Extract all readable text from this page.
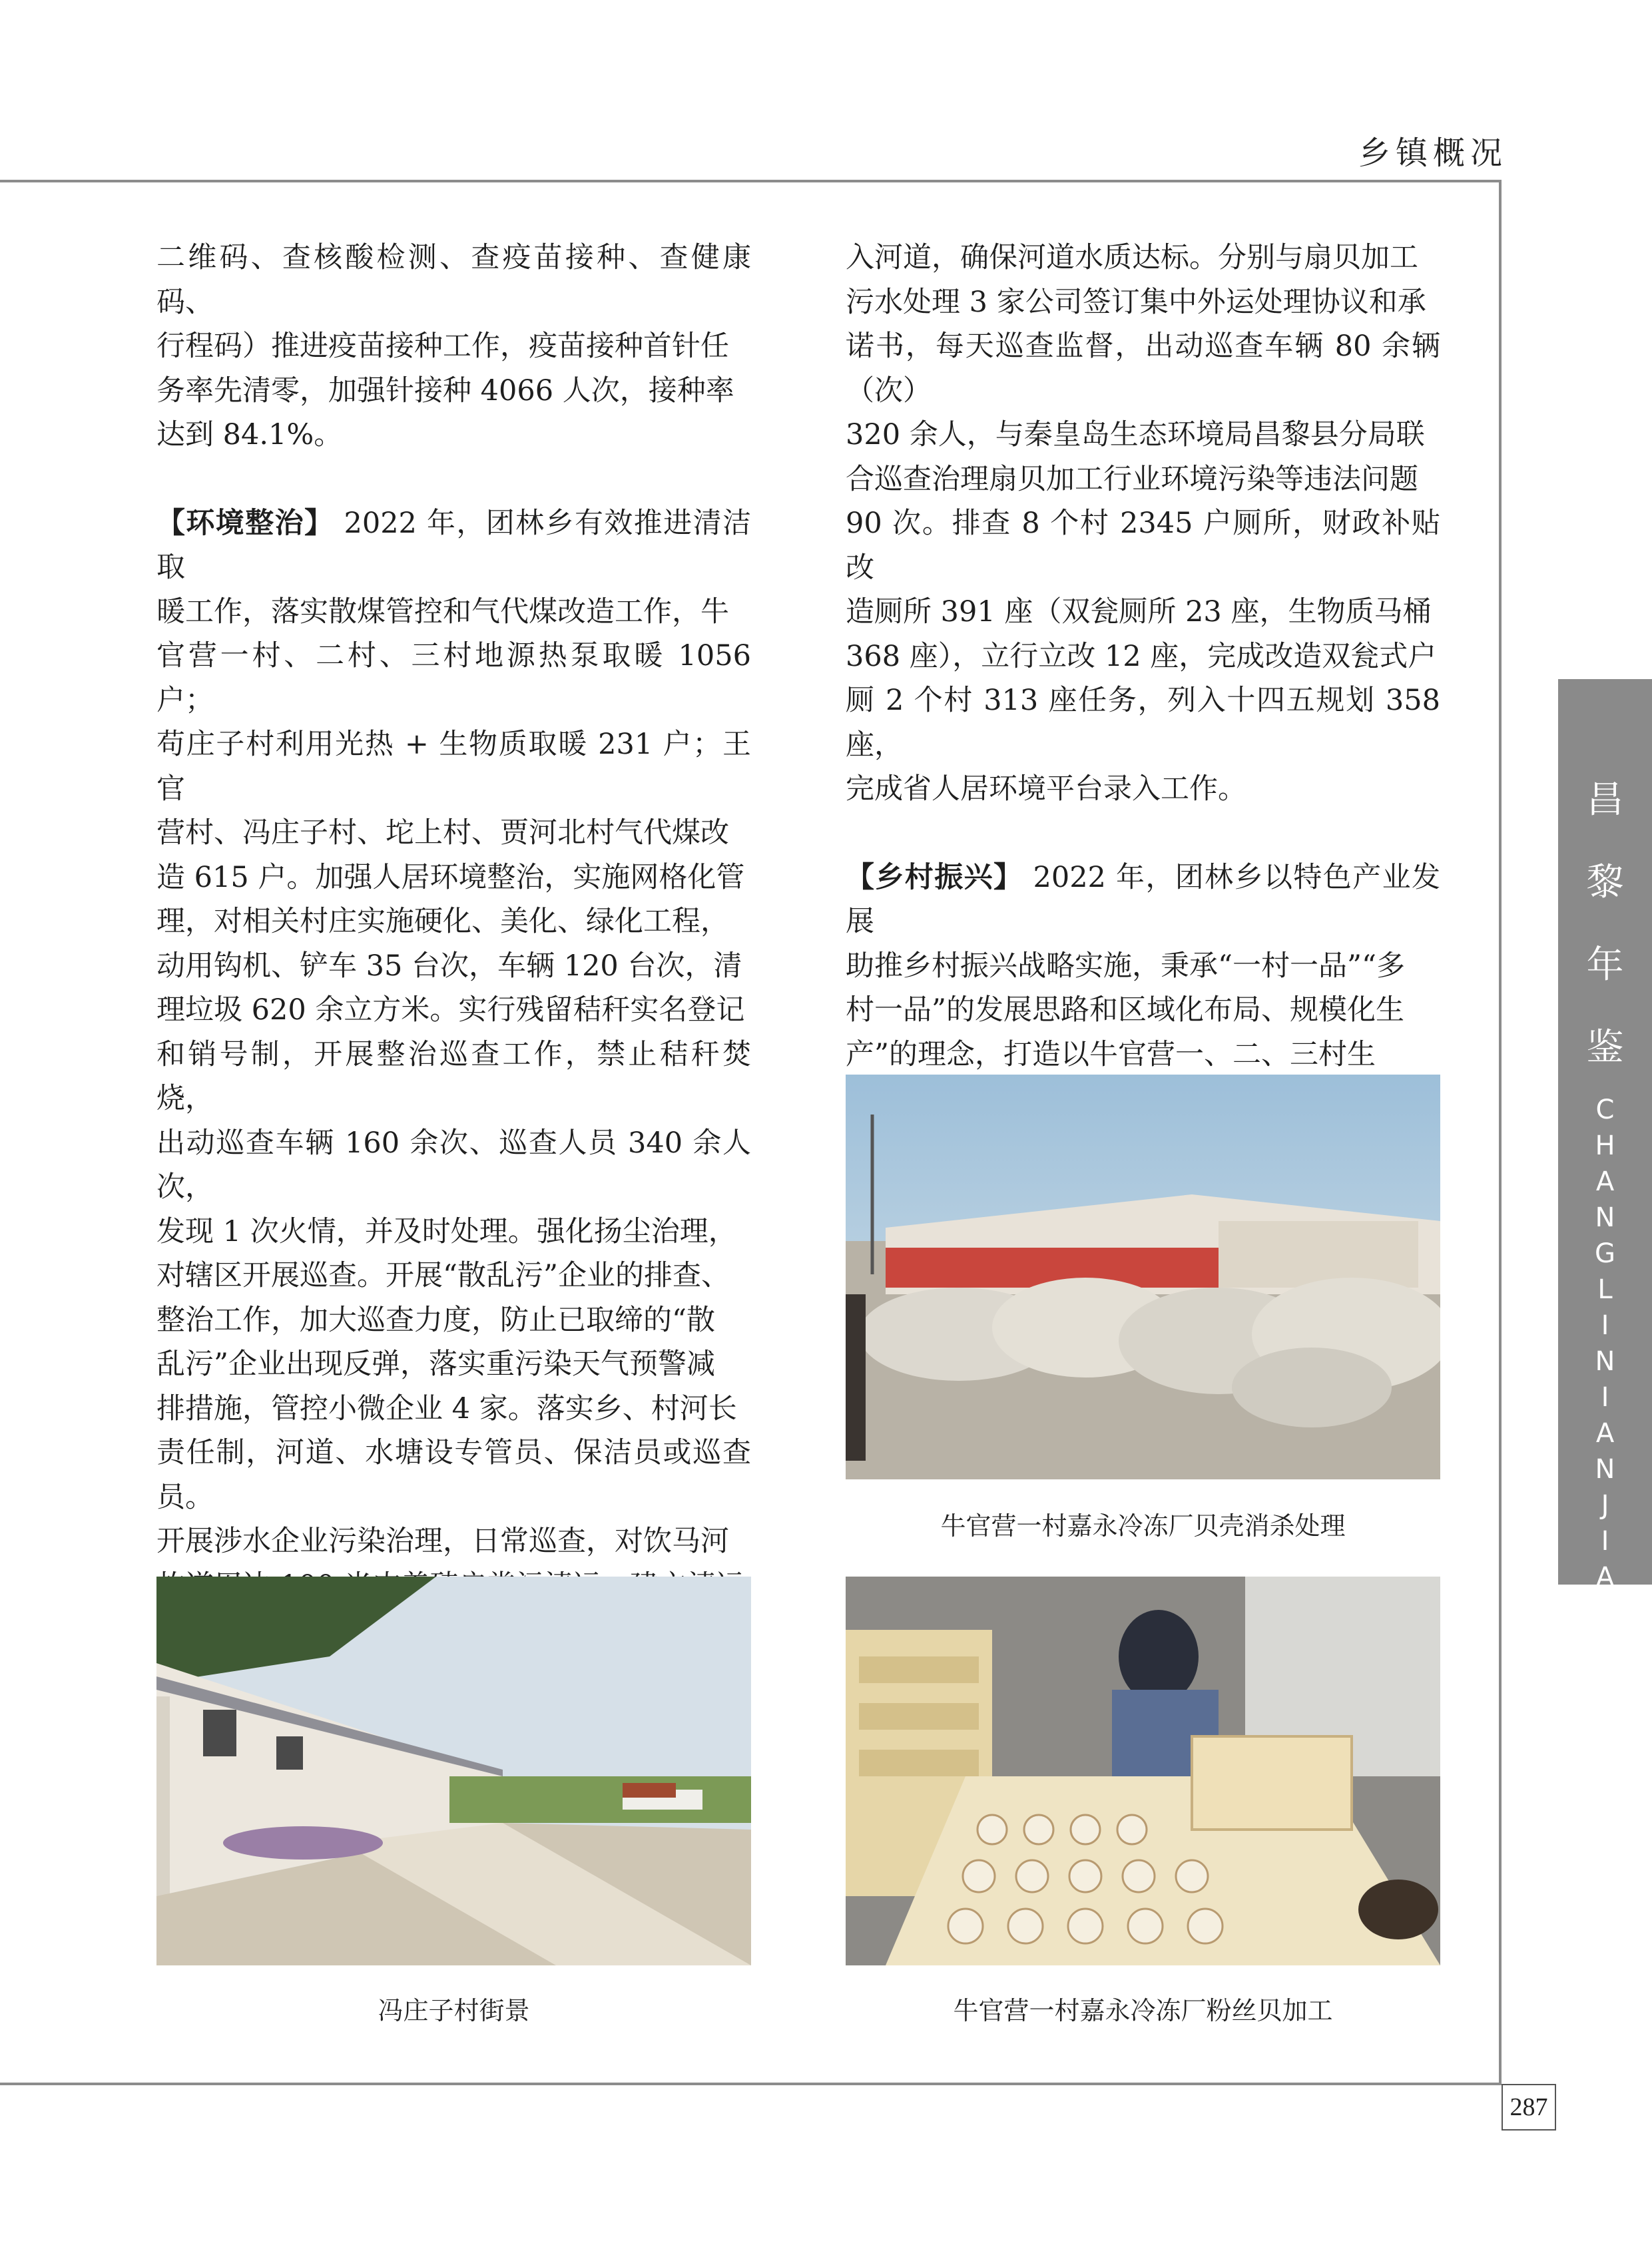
乡镇概况

二维码、查核酸检测、查疫苗接种、查健康码、

行程码）推进疫苗接种工作，疫苗接种首针任

务率先清零，加强针接种 4066 人次，接种率

达到 84.1%。

【环境整治】 2022 年，团林乡有效推进清洁取

暖工作，落实散煤管控和气代煤改造工作，牛

官营一村、二村、三村地源热泵取暖 1056 户；

苟庄子村利用光热 + 生物质取暖 231 户；王官

营村、冯庄子村、坨上村、贾河北村气代煤改

造 615 户。加强人居环境整治，实施网格化管

理，对相关村庄实施硬化、美化、绿化工程，

动用钩机、铲车 35 台次，车辆 120 台次，清

理垃圾 620 余立方米。实行残留秸秆实名登记

和销号制，开展整治巡查工作，禁止秸秆焚烧，

出动巡查车辆 160 余次、巡查人员 340 余人次，

发现 1 次火情，并及时处理。强化扬尘治理，

对辖区开展巡查。开展“散乱污”企业的排查、

整治工作，加大巡查力度，防止已取缔的“散

乱污”企业出现反弹，落实重污染天气预警减

排措施，管控小微企业 4 家。落实乡、村河长

责任制，河道、水塘设专管员、保洁员或巡查员。

开展涉水企业污染治理，日常巡查，对饮马河

入河道，确保河道水质达标。分别与扇贝加工

污水处理 3 家公司签订集中外运处理协议和承

诺书，每天巡查监督，出动巡查车辆 80 余辆（次）

320 余人，与秦皇岛生态环境局昌黎县分局联

合巡查治理扇贝加工行业环境污染等违法问题

90 次。排查 8 个村 2345 户厕所，财政补贴改

造厕所 391 座（双瓮厕所 23 座，生物质马桶

368 座），立行立改 12 座，完成改造双瓮式户

厕 2 个村 313 座任务，列入十四五规划 358 座，

完成省人居环境平台录入工作。

【乡村振兴】 2022 年，团林乡以特色产业发展

助推乡村振兴战略实施，秉承“一村一品”“多

村一品”的发展思路和区域化布局、规模化生

产”的理念，打造以牛官营一、二、三村生

牛官营一村嘉永冷冻厂贝壳消杀处理
冯庄子村街景	牛官营一村嘉永冷冻厂粉丝贝加工
昌
黎
年
鉴
C
H
A
N
G
L
I
N
I
A
N
J
I
A
N
287
